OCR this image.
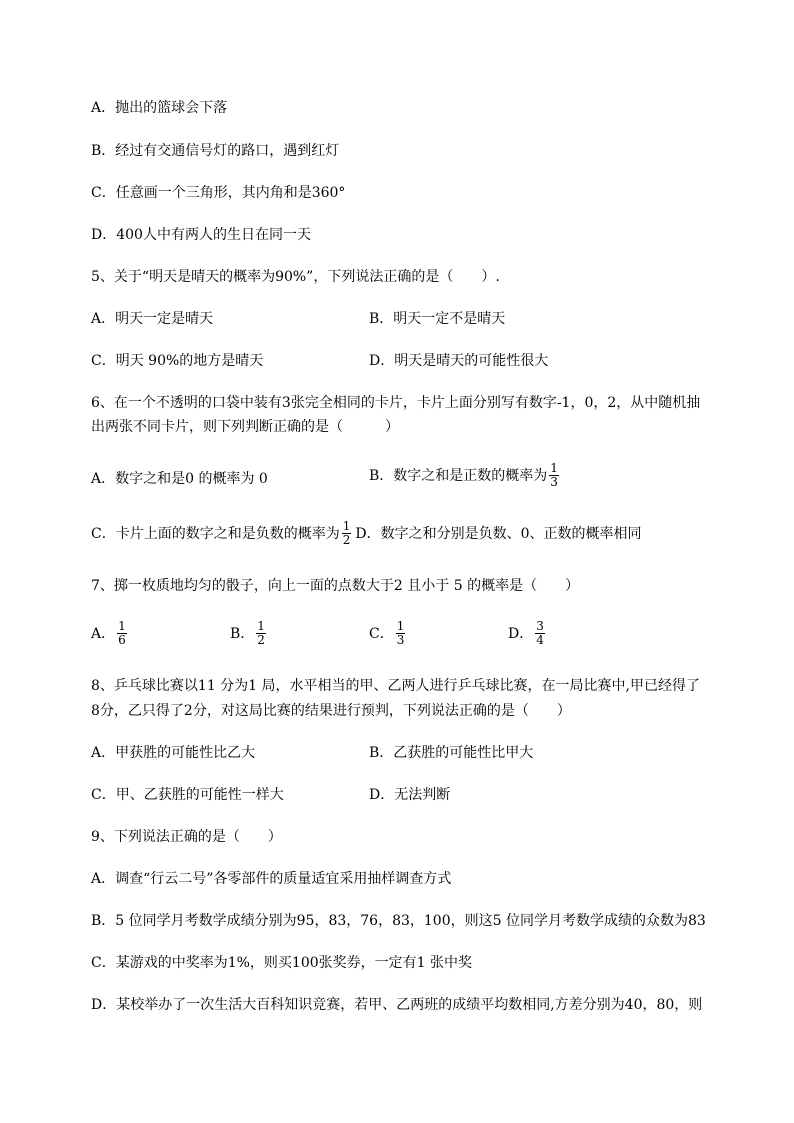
A．抛出的篮球会下落
B．经过有交通信号灯的路口，遇到红灯
C．任意画一个三角形，其内角和是360°
D．400人中有两人的生日在同一天
5、关于“明天是晴天的概率为90%”，下列说法正确的是（　　）.
A．明天一定是晴天	B．明天一定不是晴天
C．明天 90%的地方是晴天	D．明天是晴天的可能性很大
6、在一个不透明的口袋中装有3张完全相同的卡片，卡片上面分别写有数字-1，0，2，从中随机抽
出两张不同卡片，则下列判断正确的是（　　　）
A．数字之和是0 的概率为 0	B．数字之和是正数的概率为 $\frac{1}{3}$
C．卡片上面的数字之和是负数的概率为 $\frac{1}{2}$ D．数字之和分别是负数、0、正数的概率相同
7、掷一枚质地均匀的骰子，向上一面的点数大于2 且小于 5 的概率是（　　）
A． $\frac{1}{6}$	B． $\frac{1}{2}$	C． $\frac{1}{3}$	D． $\frac{3}{4}$
8、乒乓球比赛以11 分为1 局，水平相当的甲、乙两人进行乒乓球比赛，在一局比赛中,甲已经得了
8分，乙只得了2分，对这局比赛的结果进行预判，下列说法正确的是（　　）
A．甲获胜的可能性比乙大	B．乙获胜的可能性比甲大
C．甲、乙获胜的可能性一样大	D．无法判断
9、下列说法正确的是（　　）
A．调查“行云二号”各零部件的质量适宜采用抽样调查方式
B．5 位同学月考数学成绩分别为95，83，76，83，100，则这5 位同学月考数学成绩的众数为83
C．某游戏的中奖率为1%，则买100张奖券，一定有1 张中奖
D．某校举办了一次生活大百科知识竞赛，若甲、乙两班的成绩平均数相同,方差分别为40，80，则
